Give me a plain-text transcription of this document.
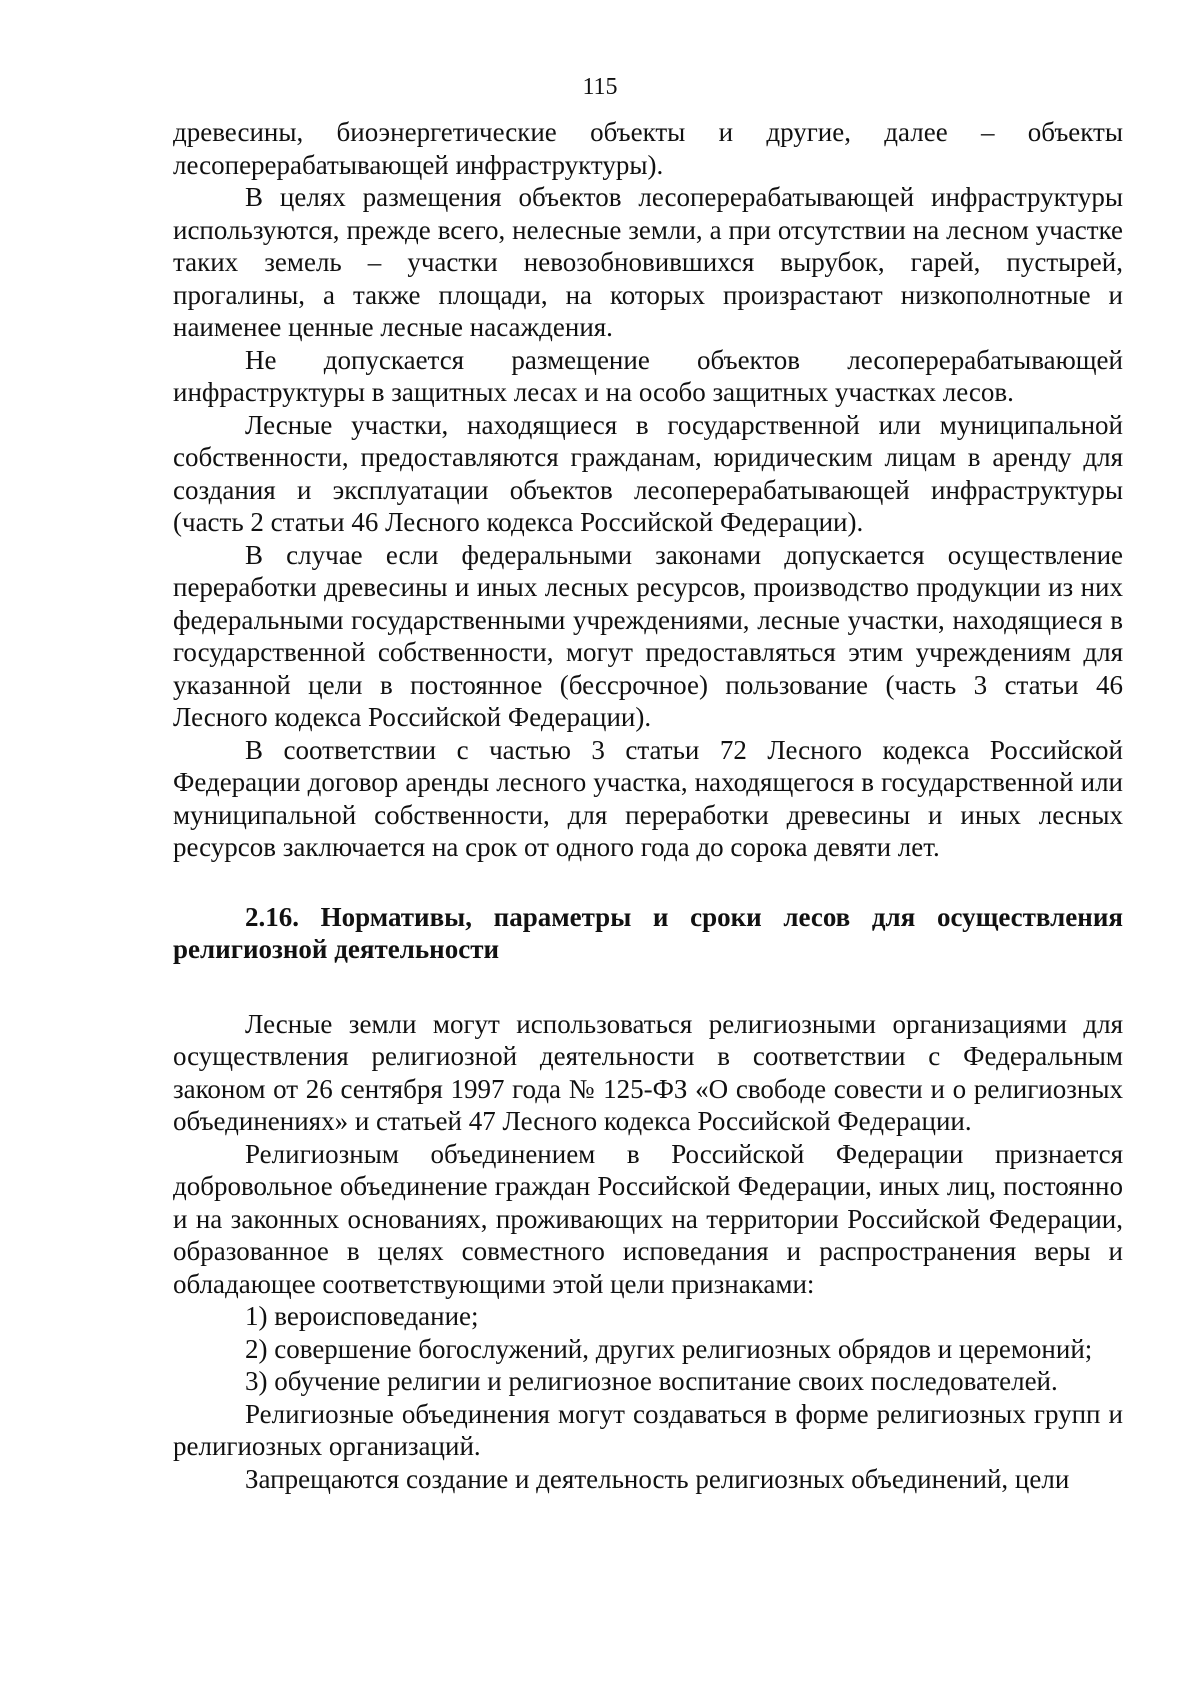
115

древесины, биоэнергетические объекты и другие, далее – объекты лесоперерабатывающей инфраструктуры).

В целях размещения объектов лесоперерабатывающей инфраструктуры используются, прежде всего, нелесные земли, а при отсутствии на лесном участке таких земель – участки невозобновившихся вырубок, гарей, пустырей, прогалины, а также площади, на которых произрастают низкополнотные и наименее ценные лесные насаждения.

Не допускается размещение объектов лесоперерабатывающей инфраструктуры в защитных лесах и на особо защитных участках лесов.

Лесные участки, находящиеся в государственной или муниципальной собственности, предоставляются гражданам, юридическим лицам в аренду для создания и эксплуатации объектов лесоперерабатывающей инфраструктуры (часть 2 статьи 46 Лесного кодекса Российской Федерации).

В случае если федеральными законами допускается осуществление переработки древесины и иных лесных ресурсов, производство продукции из них федеральными государственными учреждениями, лесные участки, находящиеся в государственной собственности, могут предоставляться этим учреждениям для указанной цели в постоянное (бессрочное) пользование (часть 3 статьи 46 Лесного кодекса Российской Федерации).

В соответствии с частью 3 статьи 72 Лесного кодекса Российской Федерации договор аренды лесного участка, находящегося в государственной или муниципальной собственности, для переработки древесины и иных лесных ресурсов заключается на срок от одного года до сорока девяти лет.

2.16. Нормативы, параметры и сроки лесов для осуществления религиозной деятельности

Лесные земли могут использоваться религиозными организациями для осуществления религиозной деятельности в соответствии с Федеральным законом от 26 сентября 1997 года № 125-ФЗ «О свободе совести и о религиозных объединениях» и статьей 47 Лесного кодекса Российской Федерации.

Религиозным объединением в Российской Федерации признается добровольное объединение граждан Российской Федерации, иных лиц, постоянно и на законных основаниях, проживающих на территории Российской Федерации, образованное в целях совместного исповедания и распространения веры и обладающее соответствующими этой цели признаками:

1) вероисповедание;

2) совершение богослужений, других религиозных обрядов и церемоний;

3) обучение религии и религиозное воспитание своих последователей.

Религиозные объединения могут создаваться в форме религиозных групп и религиозных организаций.

Запрещаются создание и деятельность религиозных объединений, цели
